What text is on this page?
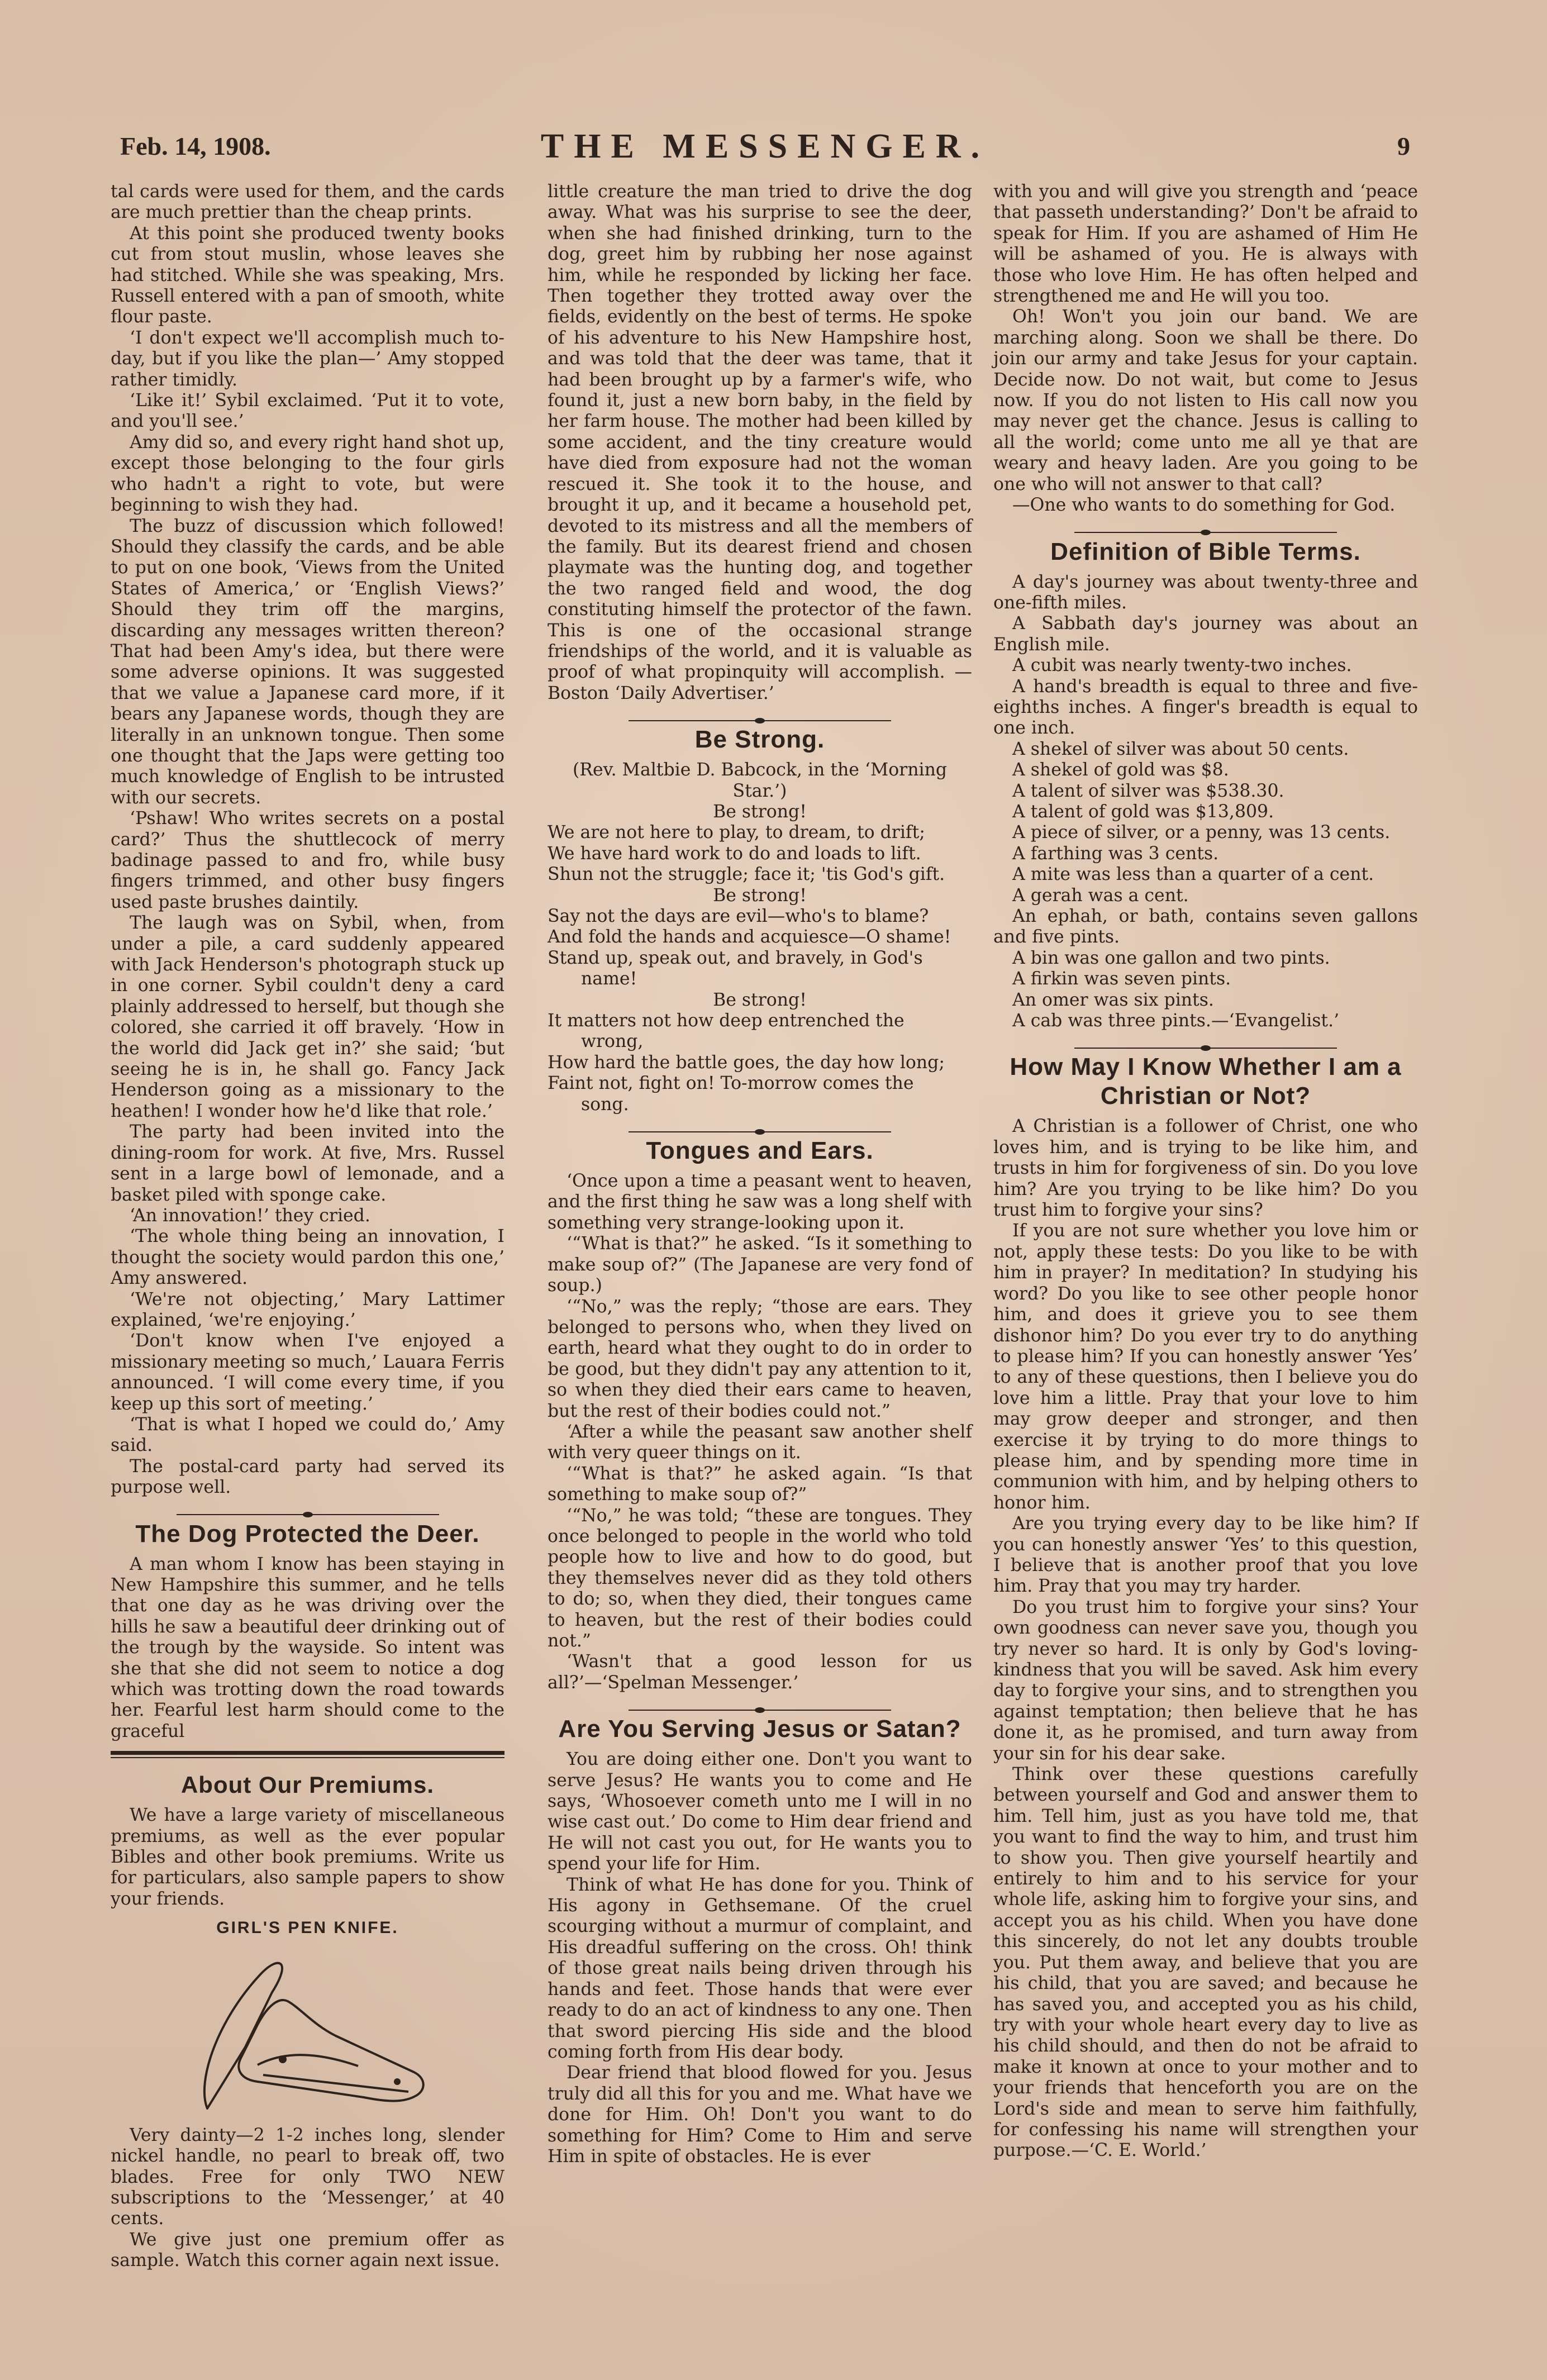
Feb. 14, 1908.	THE MESSENGER.	9

tal cards were used for them, and the cards are much prettier than the cheap prints.

At this point she produced twenty books cut from stout muslin, whose leaves she had stitched. While she was speaking, Mrs. Russell entered with a pan of smooth, white flour paste.

‘I don't expect we'll accomplish much to-day, but if you like the plan—’ Amy stopped rather timidly.

‘Like it!’ Sybil exclaimed. ‘Put it to vote, and you'll see.’

Amy did so, and every right hand shot up, except those belonging to the four girls who hadn't a right to vote, but were beginning to wish they had.

The buzz of discussion which followed! Should they classify the cards, and be able to put on one book, ‘Views from the United States of America,’ or ‘English Views?’ Should they trim off the margins, discarding any messages written thereon? That had been Amy's idea, but there were some adverse opinions. It was suggested that we value a Japanese card more, if it bears any Japanese words, though they are literally in an unknown tongue. Then some one thought that the Japs were getting too much knowledge of English to be intrusted with our secrets.

‘Pshaw! Who writes secrets on a postal card?’ Thus the shuttlecock of merry badinage passed to and fro, while busy fingers trimmed, and other busy fingers used paste brushes daintily.

The laugh was on Sybil, when, from under a pile, a card suddenly appeared with Jack Henderson's photograph stuck up in one corner. Sybil couldn't deny a card plainly addressed to herself, but though she colored, she carried it off bravely. ‘How in the world did Jack get in?’ she said; ‘but seeing he is in, he shall go. Fancy Jack Henderson going as a missionary to the heathen! I wonder how he'd like that role.’

The party had been invited into the dining-room for work. At five, Mrs. Russel sent in a large bowl of lemonade, and a basket piled with sponge cake.

‘An innovation!’ they cried.

‘The whole thing being an innovation, I thought the society would pardon this one,’ Amy answered.

‘We're not objecting,’ Mary Lattimer explained, ‘we're enjoying.’

‘Don't know when I've enjoyed a missionary meeting so much,’ Lauara Ferris announced. ‘I will come every time, if you keep up this sort of meeting.’

‘That is what I hoped we could do,’ Amy said.

The postal-card party had served its purpose well.

The Dog Protected the Deer.

A man whom I know has been staying in New Hampshire this summer, and he tells that one day as he was driving over the hills he saw a beautiful deer drinking out of the trough by the wayside. So intent was she that she did not seem to notice a dog which was trotting down the road towards her. Fearful lest harm should come to the graceful

About Our Premiums.

We have a large variety of miscellaneous premiums, as well as the ever popular Bibles and other book premiums. Write us for particulars, also sample papers to show your friends.

GIRL'S PEN KNIFE.

Very dainty—2 1-2 inches long, slender nickel handle, no pearl to break off, two blades. Free for only TWO NEW subscriptions to the ‘Messenger,’ at 40 cents.

We give just one premium offer as sample. Watch this corner again next issue.

little creature the man tried to drive the dog away. What was his surprise to see the deer, when she had finished drinking, turn to the dog, greet him by rubbing her nose against him, while he responded by licking her face. Then together they trotted away over the fields, evidently on the best of terms. He spoke of his adventure to his New Hampshire host, and was told that the deer was tame, that it had been brought up by a farmer's wife, who found it, just a new born baby, in the field by her farm house. The mother had been killed by some accident, and the tiny creature would have died from exposure had not the woman rescued it. She took it to the house, and brought it up, and it became a household pet, devoted to its mistress and all the members of the family. But its dearest friend and chosen playmate was the hunting dog, and together the two ranged field and wood, the dog constituting himself the protector of the fawn. This is one of the occasional strange friendships of the world, and it is valuable as proof of what propinquity will accomplish. —Boston ‘Daily Advertiser.’

Be Strong.

(Rev. Maltbie D. Babcock, in the ‘Morning Star.’)

Be strong!

We are not here to play, to dream, to drift;

We have hard work to do and loads to lift.

Shun not the struggle; face it; 'tis God's gift.

Be strong!

Say not the days are evil—who's to blame?

And fold the hands and acquiesce—O shame!

Stand up, speak out, and bravely, in God's

name!

Be strong!

It matters not how deep entrenched the

wrong,

How hard the battle goes, the day how long;

Faint not, fight on! To-morrow comes the

song.

Tongues and Ears.

‘Once upon a time a peasant went to heaven, and the first thing he saw was a long shelf with something very strange-looking upon it.

‘“What is that?” he asked. “Is it something to make soup of?” (The Japanese are very fond of soup.)

‘“No,” was the reply; “those are ears. They belonged to persons who, when they lived on earth, heard what they ought to do in order to be good, but they didn't pay any attention to it, so when they died their ears came to heaven, but the rest of their bodies could not.”

‘After a while the peasant saw another shelf with very queer things on it.

‘“What is that?” he asked again. “Is that something to make soup of?”

‘“No,” he was told; “these are tongues. They once belonged to people in the world who told people how to live and how to do good, but they themselves never did as they told others to do; so, when they died, their tongues came to heaven, but the rest of their bodies could not.”

‘Wasn't that a good lesson for us all?’—‘Spelman Messenger.’

Are You Serving Jesus or Satan?

You are doing either one. Don't you want to serve Jesus? He wants you to come and He says, ‘Whosoever cometh unto me I will in no wise cast out.’ Do come to Him dear friend and He will not cast you out, for He wants you to spend your life for Him.

Think of what He has done for you. Think of His agony in Gethsemane. Of the cruel scourging without a murmur of complaint, and His dreadful suffering on the cross. Oh! think of those great nails being driven through his hands and feet. Those hands that were ever ready to do an act of kindness to any one. Then that sword piercing His side and the blood coming forth from His dear body.

Dear friend that blood flowed for you. Jesus truly did all this for you and me. What have we done for Him. Oh! Don't you want to do something for Him? Come to Him and serve Him in spite of obstacles. He is ever

with you and will give you strength and ‘peace that passeth understanding?’ Don't be afraid to speak for Him. If you are ashamed of Him He will be ashamed of you. He is always with those who love Him. He has often helped and strengthened me and He will you too.

Oh! Won't you join our band. We are marching along. Soon we shall be there. Do join our army and take Jesus for your captain. Decide now. Do not wait, but come to Jesus now. If you do not listen to His call now you may never get the chance. Jesus is calling to all the world; come unto me all ye that are weary and heavy laden. Are you going to be one who will not answer to that call?

—One who wants to do something for God.

Definition of Bible Terms.

A day's journey was about twenty-three and one-fifth miles.

A Sabbath day's journey was about an English mile.

A cubit was nearly twenty-two inches.

A hand's breadth is equal to three and five-eighths inches. A finger's breadth is equal to one inch.

A shekel of silver was about 50 cents.

A shekel of gold was $8.

A talent of silver was $538.30.

A talent of gold was $13,809.

A piece of silver, or a penny, was 13 cents.

A farthing was 3 cents.

A mite was less than a quarter of a cent.

A gerah was a cent.

An ephah, or bath, contains seven gallons and five pints.

A bin was one gallon and two pints.

A firkin was seven pints.

An omer was six pints.

A cab was three pints.—‘Evangelist.’

How May I Know Whether I am a Christian or Not?

A Christian is a follower of Christ, one who loves him, and is trying to be like him, and trusts in him for forgiveness of sin. Do you love him? Are you trying to be like him? Do you trust him to forgive your sins?

If you are not sure whether you love him or not, apply these tests: Do you like to be with him in prayer? In meditation? In studying his word? Do you like to see other people honor him, and does it grieve you to see them dishonor him? Do you ever try to do anything to please him? If you can honestly answer ‘Yes’ to any of these questions, then I believe you do love him a little. Pray that your love to him may grow deeper and stronger, and then exercise it by trying to do more things to please him, and by spending more time in communion with him, and by helping others to honor him.

Are you trying every day to be like him? If you can honestly answer ‘Yes’ to this question, I believe that is another proof that you love him. Pray that you may try harder.

Do you trust him to forgive your sins? Your own goodness can never save you, though you try never so hard. It is only by God's loving-kindness that you will be saved. Ask him every day to forgive your sins, and to strengthen you against temptation; then believe that he has done it, as he promised, and turn away from your sin for his dear sake.

Think over these questions carefully between yourself and God and answer them to him. Tell him, just as you have told me, that you want to find the way to him, and trust him to show you. Then give yourself heartily and entirely to him and to his service for your whole life, asking him to forgive your sins, and accept you as his child. When you have done this sincerely, do not let any doubts trouble you. Put them away, and believe that you are his child, that you are saved; and because he has saved you, and accepted you as his child, try with your whole heart every day to live as his child should, and then do not be afraid to make it known at once to your mother and to your friends that henceforth you are on the Lord's side and mean to serve him faithfully, for confessing his name will strengthen your purpose.—‘C. E. World.’
